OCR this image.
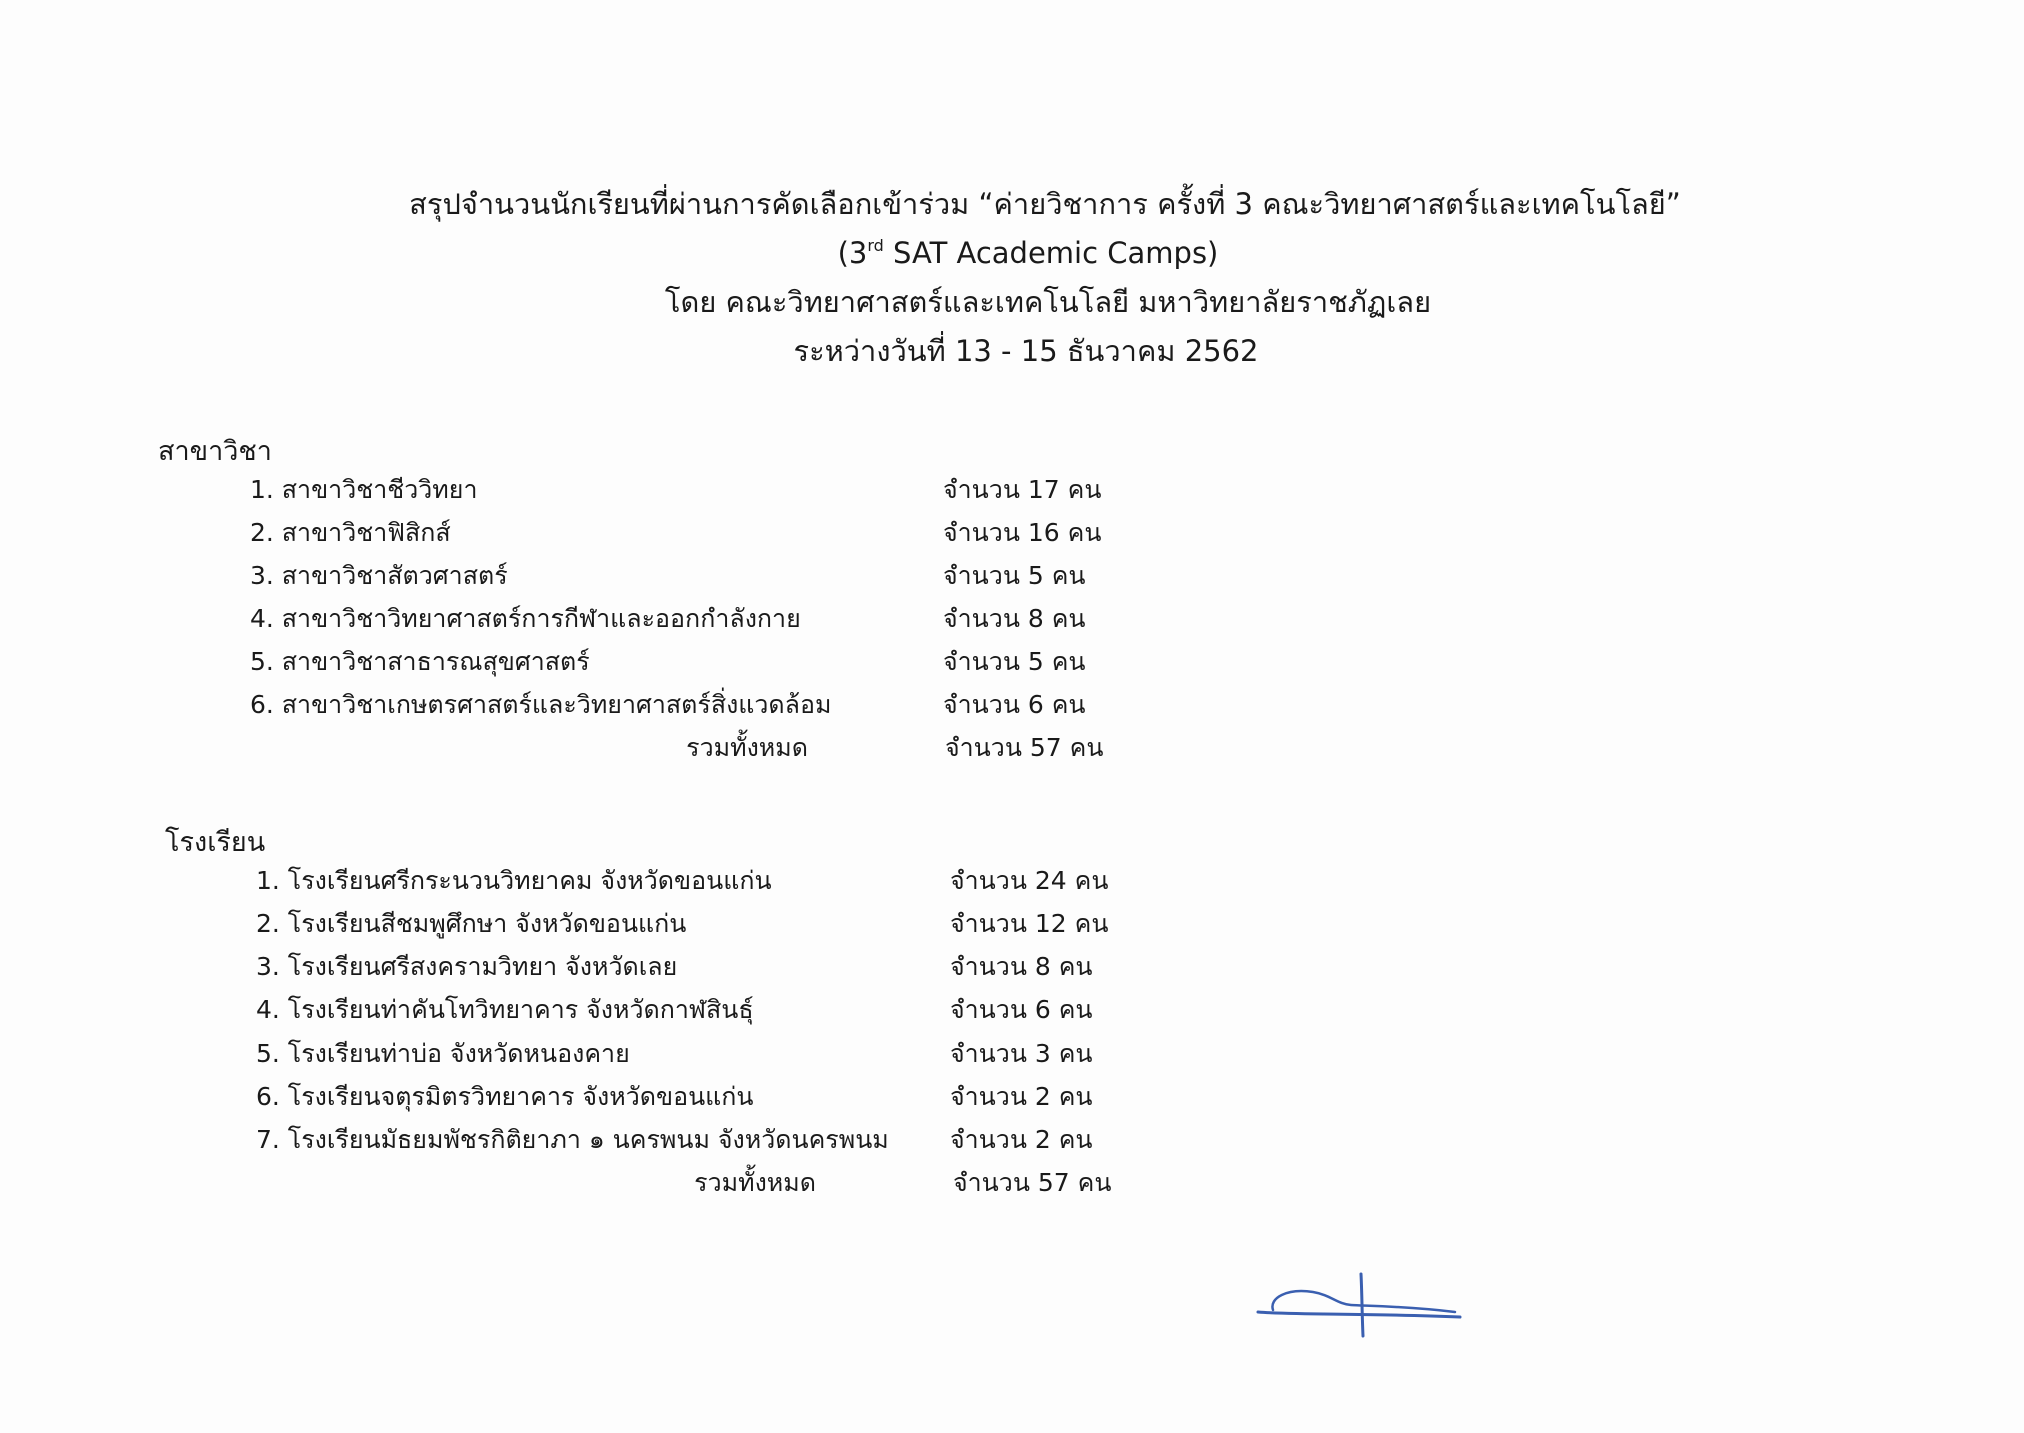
สรุปจำนวนนักเรียนที่ผ่านการคัดเลือกเข้าร่วม “ค่ายวิชาการ ครั้งที่ 3 คณะวิทยาศาสตร์และเทคโนโลยี”
(3rd SAT Academic Camps)
โดย คณะวิทยาศาสตร์และเทคโนโลยี มหาวิทยาลัยราชภัฏเลย
ระหว่างวันที่ 13 - 15 ธันวาคม 2562
สาขาวิชา
1. สาขาวิชาชีววิทยา	จำนวน 17 คน
2. สาขาวิชาฟิสิกส์	จำนวน 16 คน
3. สาขาวิชาสัตวศาสตร์	จำนวน 5 คน
4. สาขาวิชาวิทยาศาสตร์การกีฬาและออกกำลังกาย	จำนวน 8 คน
5. สาขาวิชาสาธารณสุขศาสตร์	จำนวน 5 คน
6. สาขาวิชาเกษตรศาสตร์และวิทยาศาสตร์สิ่งแวดล้อม	จำนวน 6 คน
รวมทั้งหมด	จำนวน 57 คน
โรงเรียน
1. โรงเรียนศรีกระนวนวิทยาคม จังหวัดขอนแก่น	จำนวน 24 คน
2. โรงเรียนสีชมพูศึกษา จังหวัดขอนแก่น	จำนวน 12 คน
3. โรงเรียนศรีสงครามวิทยา จังหวัดเลย	จำนวน 8 คน
4. โรงเรียนท่าคันโทวิทยาคาร จังหวัดกาฬสินธุ์	จำนวน 6 คน
5. โรงเรียนท่าบ่อ จังหวัดหนองคาย	จำนวน 3 คน
6. โรงเรียนจตุรมิตรวิทยาคาร จังหวัดขอนแก่น	จำนวน 2 คน
7. โรงเรียนมัธยมพัชรกิติยาภา ๑ นครพนม จังหวัดนครพนม จำนวน 2 คน
รวมทั้งหมด	จำนวน 57 คน
